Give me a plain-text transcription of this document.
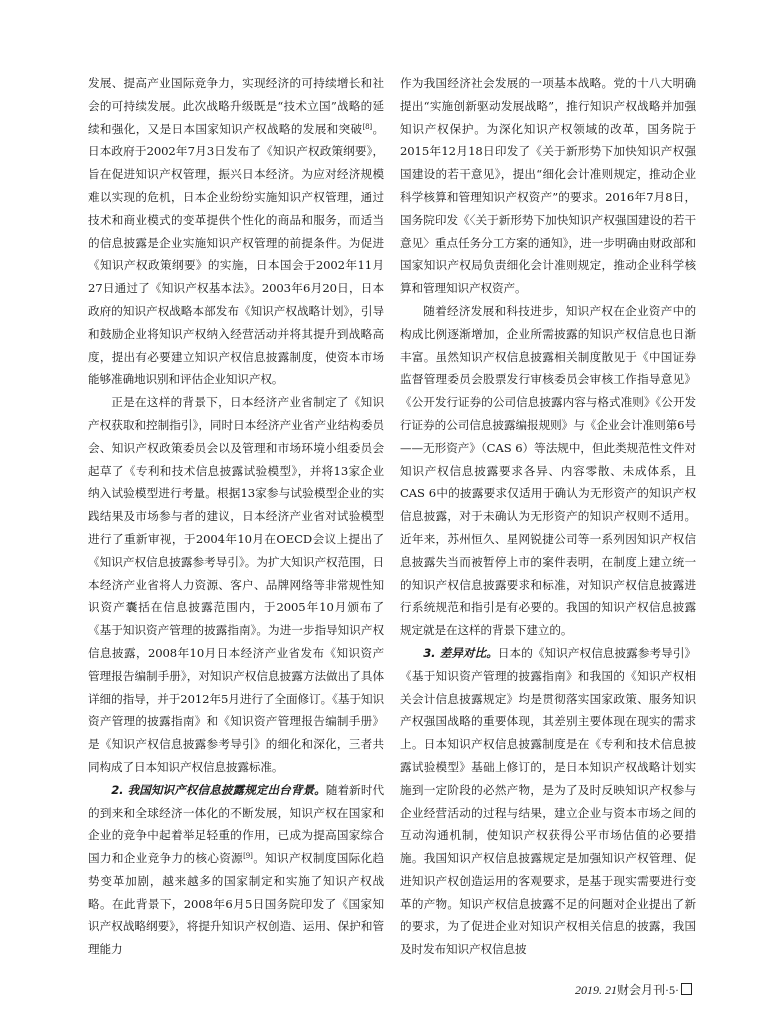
发展、提高产业国际竞争力，实现经济的可持续增长和社会的可持续发展。此次战略升级既是“技术立国”战略的延续和强化，又是日本国家知识产权战略的发展和突破[8]。日本政府于2002年7月3日发布了《知识产权政策纲要》，旨在促进知识产权管理，振兴日本经济。为应对经济规模难以实现的危机，日本企业纷纷实施知识产权管理，通过技术和商业模式的变革提供个性化的商品和服务，而适当的信息披露是企业实施知识产权管理的前提条件。为促进《知识产权政策纲要》的实施，日本国会于2002年11月27日通过了《知识产权基本法》。2003年6月20日，日本政府的知识产权战略本部发布《知识产权战略计划》，引导和鼓励企业将知识产权纳入经营活动并将其提升到战略高度，提出有必要建立知识产权信息披露制度，使资本市场能够准确地识别和评估企业知识产权。

正是在这样的背景下，日本经济产业省制定了《知识产权获取和控制指引》，同时日本经济产业省产业结构委员会、知识产权政策委员会以及管理和市场环境小组委员会起草了《专利和技术信息披露试验模型》，并将13家企业纳入试验模型进行考量。根据13家参与试验模型企业的实践结果及市场参与者的建议，日本经济产业省对试验模型进行了重新审视，于2004年10月在OECD会议上提出了《知识产权信息披露参考导引》。为扩大知识产权范围，日本经济产业省将人力资源、客户、品牌网络等非常规性知识资产囊括在信息披露范围内，于2005年10月颁布了《基于知识资产管理的披露指南》。为进一步指导知识产权信息披露，2008年10月日本经济产业省发布《知识资产管理报告编制手册》，对知识产权信息披露方法做出了具体详细的指导，并于2012年5月进行了全面修订。《基于知识资产管理的披露指南》和《知识资产管理报告编制手册》是《知识产权信息披露参考导引》的细化和深化，三者共同构成了日本知识产权信息披露标准。

2. 我国知识产权信息披露规定出台背景。随着新时代的到来和全球经济一体化的不断发展，知识产权在国家和企业的竞争中起着举足轻重的作用，已成为提高国家综合国力和企业竞争力的核心资源[9]。知识产权制度国际化趋势变革加剧，越来越多的国家制定和实施了知识产权战略。在此背景下，2008年6月5日国务院印发了《国家知识产权战略纲要》，将提升知识产权创造、运用、保护和管理能力

作为我国经济社会发展的一项基本战略。党的十八大明确提出“实施创新驱动发展战略”，推行知识产权战略并加强知识产权保护。为深化知识产权领域的改革，国务院于2015年12月18日印发了《关于新形势下加快知识产权强国建设的若干意见》，提出“细化会计准则规定，推动企业科学核算和管理知识产权资产”的要求。2016年7月8日，国务院印发《〈关于新形势下加快知识产权强国建设的若干意见〉重点任务分工方案的通知》，进一步明确由财政部和国家知识产权局负责细化会计准则规定，推动企业科学核算和管理知识产权资产。

随着经济发展和科技进步，知识产权在企业资产中的构成比例逐渐增加，企业所需披露的知识产权信息也日渐丰富。虽然知识产权信息披露相关制度散见于《中国证券监督管理委员会股票发行审核委员会审核工作指导意见》《公开发行证券的公司信息披露内容与格式准则》《公开发行证券的公司信息披露编报规则》与《企业会计准则第6号——无形资产》（CAS 6）等法规中，但此类规范性文件对知识产权信息披露要求各异、内容零散、未成体系，且CAS 6中的披露要求仅适用于确认为无形资产的知识产权信息披露，对于未确认为无形资产的知识产权则不适用。近年来，苏州恒久、星网锐捷公司等一系列因知识产权信息披露失当而被暂停上市的案件表明，在制度上建立统一的知识产权信息披露要求和标准，对知识产权信息披露进行系统规范和指引是有必要的。我国的知识产权信息披露规定就是在这样的背景下建立的。

3. 差异对比。日本的《知识产权信息披露参考导引》《基于知识资产管理的披露指南》和我国的《知识产权相关会计信息披露规定》均是贯彻落实国家政策、服务知识产权强国战略的重要体现，其差别主要体现在现实的需求上。日本知识产权信息披露制度是在《专利和技术信息披露试验模型》基础上修订的，是日本知识产权战略计划实施到一定阶段的必然产物，是为了及时反映知识产权参与企业经营活动的过程与结果，建立企业与资本市场之间的互动沟通机制，使知识产权获得公平市场估值的必要措施。我国知识产权信息披露规定是加强知识产权管理、促进知识产权创造运用的客观要求，是基于现实需要进行变革的产物。知识产权信息披露不足的问题对企业提出了新的要求，为了促进企业对知识产权相关信息的披露，我国及时发布知识产权信息披

2019. 21财会月刊·5·
